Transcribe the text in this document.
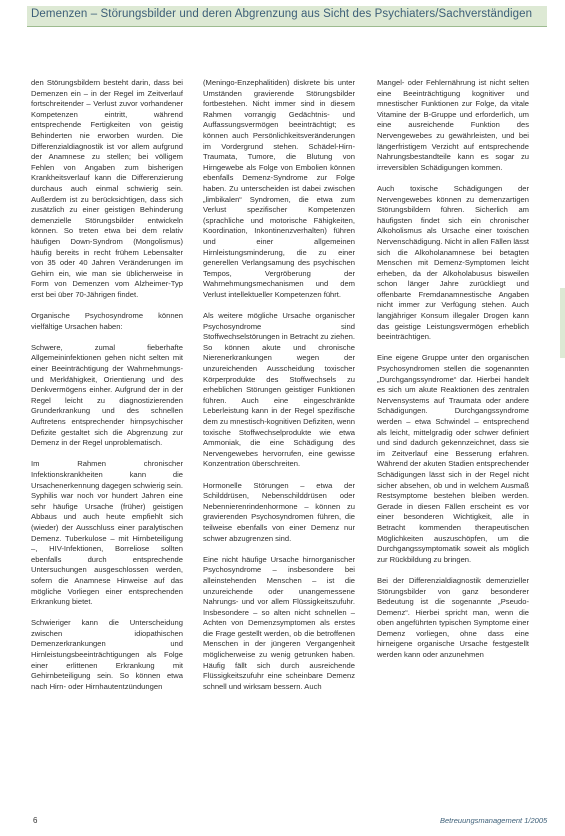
Demenzen – Störungsbilder und deren Abgrenzung aus Sicht des Psychiaters/Sachverständigen

den Störungsbildern besteht darin, dass bei Demenzen ein – in der Regel im Zeitverlauf fortschreitender – Verlust zuvor vorhandener Kompetenzen eintritt, während entsprechende Fertigkeiten von geistig Behinderten nie erworben wurden. Die Differenzialdiagnostik ist vor allem aufgrund der Anamnese zu stellen; bei völligem Fehlen von Angaben zum bisherigen Krankheitsverlauf kann die Differenzierung durchaus auch einmal schwierig sein. Außerdem ist zu berücksichtigen, dass sich zusätzlich zu einer geistigen Behinderung demenzielle Störungsbilder entwickeln können. So treten etwa bei dem relativ häufigen Down-Syndrom (Mongolismus) häufig bereits in recht frühem Lebensalter von 35 oder 40 Jahren Veränderungen im Gehirn ein, wie man sie üblicherweise in Form von Demenzen vom Alzheimer-Typ erst bei über 70-Jährigen findet.

Organische Psychosyndrome können vielfältige Ursachen haben:

Schwere, zumal fieberhafte Allgemeininfektionen gehen nicht selten mit einer Beeinträchtigung der Wahrnehmungs- und Merkfähigkeit, Orientierung und des Denkvermögens einher. Aufgrund der in der Regel leicht zu diagnostizierenden Grunderkrankung und des schnellen Auftretens entsprechender hirnpsychischer Defizite gestaltet sich die Abgrenzung zur Demenz in der Regel unproblematisch.

Im Rahmen chronischer Infektionskrankheiten kann die Ursachenerkennung dagegen schwierig sein. Syphilis war noch vor hundert Jahren eine sehr häufige Ursache (früher) geistigen Abbaus und auch heute empfiehlt sich (wieder) der Ausschluss einer paralytischen Demenz. Tuberkulose – mit Hirnbeteiligung –, HIV-Infektionen, Borreliose sollten ebenfalls durch entsprechende Untersuchungen ausgeschlossen werden, sofern die Anamnese Hinweise auf das mögliche Vorliegen einer entsprechenden Erkrankung bietet.

Schwieriger kann die Unterscheidung zwischen idiopathischen Demenzerkrankungen und Hirnleistungsbeeinträchtigungen als Folge einer erlittenen Erkrankung mit Gehirnbeteiligung sein. So können etwa nach Hirn- oder Hirnhautentzündungen

(Meningo-Enzephalitiden) diskrete bis unter Umständen gravierende Störungsbilder fortbestehen. Nicht immer sind in diesem Rahmen vorrangig Gedächtnis- und Auffassungsvermögen beeinträchtigt; es können auch Persönlichkeitsveränderungen im Vordergrund stehen. Schädel-Hirn-Traumata, Tumore, die Blutung von Hirngewebe als Folge von Embolien können ebenfalls Demenz-Syndrome zur Folge haben. Zu unterscheiden ist dabei zwischen „limbikalen“ Syndromen, die etwa zum Verlust spezifischer Kompetenzen (sprachliche und motorische Fähigkeiten, Koordination, Inkontinenzverhalten) führen und einer allgemeinen Hirnleistungsminderung, die zu einer generellen Verlangsamung des psychischen Tempos, Vergröberung der Wahrnehmungsmechanismen und dem Verlust intellektueller Kompetenzen führt.

Als weitere mögliche Ursache organischer Psychosyndrome sind Stoffwechselstörungen in Betracht zu ziehen. So können akute und chronische Nierenerkrankungen wegen der unzureichenden Ausscheidung toxischer Körperprodukte des Stoffwechsels zu erheblichen Störungen geistiger Funktionen führen. Auch eine eingeschränkte Leberleistung kann in der Regel spezifische dem zu mnestisch-kognitiven Defiziten, wenn toxische Stoffwechselprodukte wie etwa Ammoniak, die eine Schädigung des Nervengewebes hervorrufen, eine gewisse Konzentration überschreiten.

Hormonelle Störungen – etwa der Schilddrüsen, Nebenschilddrüsen oder Nebennierenrindenhormone – können zu gravierenden Psychosyndromen führen, die teilweise ebenfalls von einer Demenz nur schwer abzugrenzen sind.

Eine nicht häufige Ursache hirnorganischer Psychosyndrome – insbesondere bei alleinstehenden Menschen – ist die unzureichende oder unangemessene Nahrungs- und vor allem Flüssigkeitszufuhr. Insbesondere – so alten nicht schnellen – Achten von Demenzsymptomen als erstes die Frage gestellt werden, ob die betroffenen Menschen in der jüngeren Vergangenheit möglicherweise zu wenig getrunken haben. Häufig fällt sich durch ausreichende Flüssigkeitszufuhr eine scheinbare Demenz schnell und wirksam bessern. Auch

Mangel- oder Fehlernährung ist nicht selten eine Beeinträchtigung kognitiver und mnestischer Funktionen zur Folge, da vitale Vitamine der B-Gruppe und erforderlich, um eine ausreichende Funktion des Nervengewebes zu gewährleisten, und bei längerfristigem Verzicht auf entsprechende Nahrungsbestandteile kann es sogar zu irreversiblen Schädigungen kommen.

Auch toxische Schädigungen der Nervengewebes können zu demenzartigen Störungsbildern führen. Sicherlich am häufigsten findet sich ein chronischer Alkoholismus als Ursache einer toxischen Nervenschädigung. Nicht in allen Fällen lässt sich die Alkoholanamnese bei betagten Menschen mit Demenz-Symptomen leicht erheben, da der Alkoholabusus bisweilen schon länger Jahre zurückliegt und offenbarte Fremdanamnestische Angaben nicht immer zur Verfügung stehen. Auch langjähriger Konsum illegaler Drogen kann das geistige Leistungsvermögen erheblich beeinträchtigen.

Eine eigene Gruppe unter den organischen Psychosyndromen stellen die sogenannten „Durchgangssyndrome“ dar. Hierbei handelt es sich um akute Reaktionen des zentralen Nervensystems auf Traumata oder andere Schädigungen. Durchgangssyndrome werden – etwa Schwindel – entsprechend als leicht, mittelgradig oder schwer definiert und sind dadurch gekennzeichnet, dass sie im Zeitverlauf eine Besserung erfahren. Während der akuten Stadien entsprechender Schädigungen lässt sich in der Regel nicht sicher absehen, ob und in welchem Ausmaß Restsymptome bestehen bleiben werden. Gerade in diesen Fällen erscheint es vor einer besonderen Wichtigkeit, alle in Betracht kommenden therapeutischen Möglichkeiten auszuschöpfen, um die Durchgangssymptomatik soweit als möglich zur Rückbildung zu bringen.

Bei der Differenzialdiagnostik demenzieller Störungsbilder von ganz besonderer Bedeutung ist die sogenannte „Pseudo-Demenz“. Hierbei spricht man, wenn die oben angeführten typischen Symptome einer Demenz vorliegen, ohne dass eine hirneigene organische Ursache festgestellt werden kann oder anzunehmen

6	Betreuungsmanagement 1/2005
